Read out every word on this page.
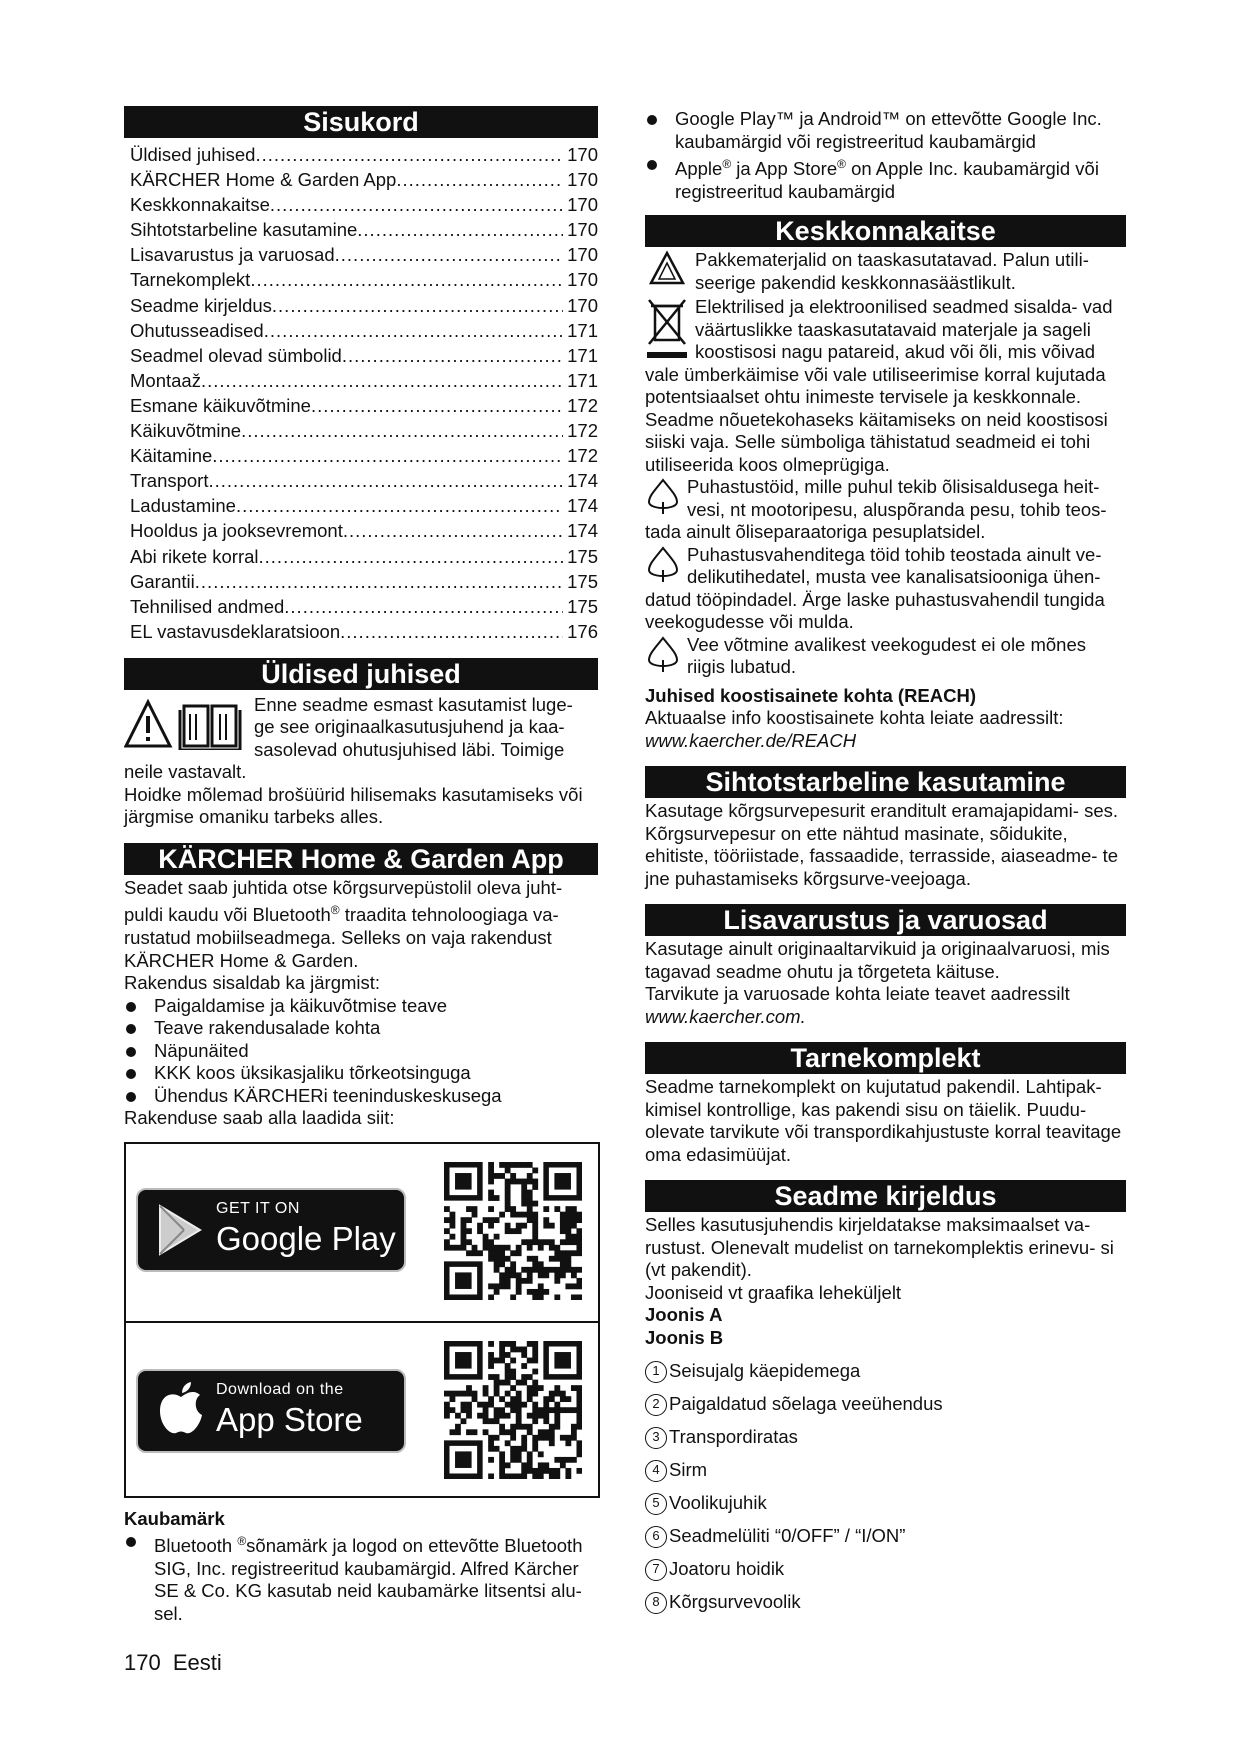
Sisukord
Üldised juhised .....	170
KÄRCHER Home & Garden App .....	170
Keskkonnakaitse .....	170
Sihtotstarbeline kasutamine .....	170
Lisavarustus ja varuosad .....	170
Tarnekomplekt .....	170
Seadme kirjeldus .....	170
Ohutusseadised .....	171
Seadmel olevad sümbolid .....	171
Montaaž .....	171
Esmane käikuvõtmine .....	172
Käikuvõtmine .....	172
Käitamine .....	172
Transport .....	174
Ladustamine .....	174
Hooldus ja jooksevremont .....	174
Abi rikete korral .....	175
Garantii .....	175
Tehnilised andmed .....	175
EL vastavusdeklaratsioon .....	176
Üldised juhised

Enne seadme esmast kasutamist luge- ge see originaalkasutusjuhend ja kaa- sasolevad ohutusjuhised läbi. Toimige neile vastavalt.

Hoidke mõlemad brošüürid hilisemaks kasutamiseks või järgmise omaniku tarbeks alles.

KÄRCHER Home & Garden App

Seadet saab juhtida otse kõrgsurvepüstolil oleva juht- puldi kaudu või Bluetooth® traadita tehnoloogiaga va- rustatud mobiilseadmega. Selleks on vaja rakendust KÄRCHER Home & Garden.

Rakendus sisaldab ka järgmist:

Paigaldamise ja käikuvõtmise teave
Teave rakendusalade kohta
Näpunäited
KKK koos üksikasjaliku tõrkeotsinguga
Ühendus KÄRCHERi teeninduskeskusega

Rakenduse saab alla laadida siit:

GET IT ON
Google Play
Download on the
App Store

Kaubamärk

Bluetooth ®sõnamärk ja logod on ettevõtte Bluetooth SIG, Inc. registreeritud kaubamärgid. Alfred Kärcher SE & Co. KG kasutab neid kaubamärke litsentsi alu- sel.
Google Play™ ja Android™ on ettevõtte Google Inc. kaubamärgid või registreeritud kaubamärgid
Apple® ja App Store® on Apple Inc. kaubamärgid või registreeritud kaubamärgid
Keskkonnakaitse

Pakkematerjalid on taaskasutatavad. Palun utili- seerige pakendid keskkonnasäästlikult.

Elektrilised ja elektroonilised seadmed sisalda- vad väärtuslikke taaskasutatavaid materjale ja sageli koostisosi nagu patareid, akud või õli, mis võivad vale ümberkäimise või vale utiliseerimise korral kujutada potentsiaalset ohtu inimeste tervisele ja keskkonnale. Seadme nõuetekohaseks käitamiseks on neid koostisosi siiski vaja. Selle sümboliga tähistatud seadmeid ei tohi utiliseerida koos olmeprügiga.

Puhastustöid, mille puhul tekib õlisisaldusega heit- vesi, nt mootoripesu, aluspõranda pesu, tohib teos- tada ainult õliseparaatoriga pesuplatsidel.

Puhastusvahenditega töid tohib teostada ainult ve- delikutihedatel, musta vee kanalisatsiooniga ühen- datud tööpindadel. Ärge laske puhastusvahendil tungida veekogudesse või mulda.

Vee võtmine avalikest veekogudest ei ole mõnes riigis lubatud.

Juhised koostisainete kohta (REACH)

Aktuaalse info koostisainete kohta leiate aadressilt:

www.kaercher.de/REACH

Sihtotstarbeline kasutamine

Kasutage kõrgsurvepesurit eranditult eramajapidami- ses.

Kõrgsurvepesur on ette nähtud masinate, sõidukite, ehitiste, tööriistade, fassaadide, terrasside, aiaseadme- te jne puhastamiseks kõrgsurve-veejoaga.

Lisavarustus ja varuosad

Kasutage ainult originaaltarvikuid ja originaalvaruosi, mis tagavad seadme ohutu ja tõrgeteta käituse.

Tarvikute ja varuosade kohta leiate teavet aadressilt

www.kaercher.com.

Tarnekomplekt

Seadme tarnekomplekt on kujutatud pakendil. Lahtipak- kimisel kontrollige, kas pakendi sisu on täielik. Puudu- olevate tarvikute või transpordikahjustuste korral teavitage oma edasimüüjat.

Seadme kirjeldus

Selles kasutusjuhendis kirjeldatakse maksimaalset va- rustust. Olenevalt mudelist on tarnekomplektis erinevu- si (vt pakendit).

Jooniseid vt graafika leheküljelt

Joonis A

Joonis B

1 Seisujalg käepidemega
2 Paigaldatud sõelaga veeühendus
3 Transpordiratas
4 Sirm
5 Voolikujuhik
6 Seadmelüliti “0/OFF” / “I/ON”
7 Joatoru hoidik
8 Kõrgsurvevoolik
170 Eesti
